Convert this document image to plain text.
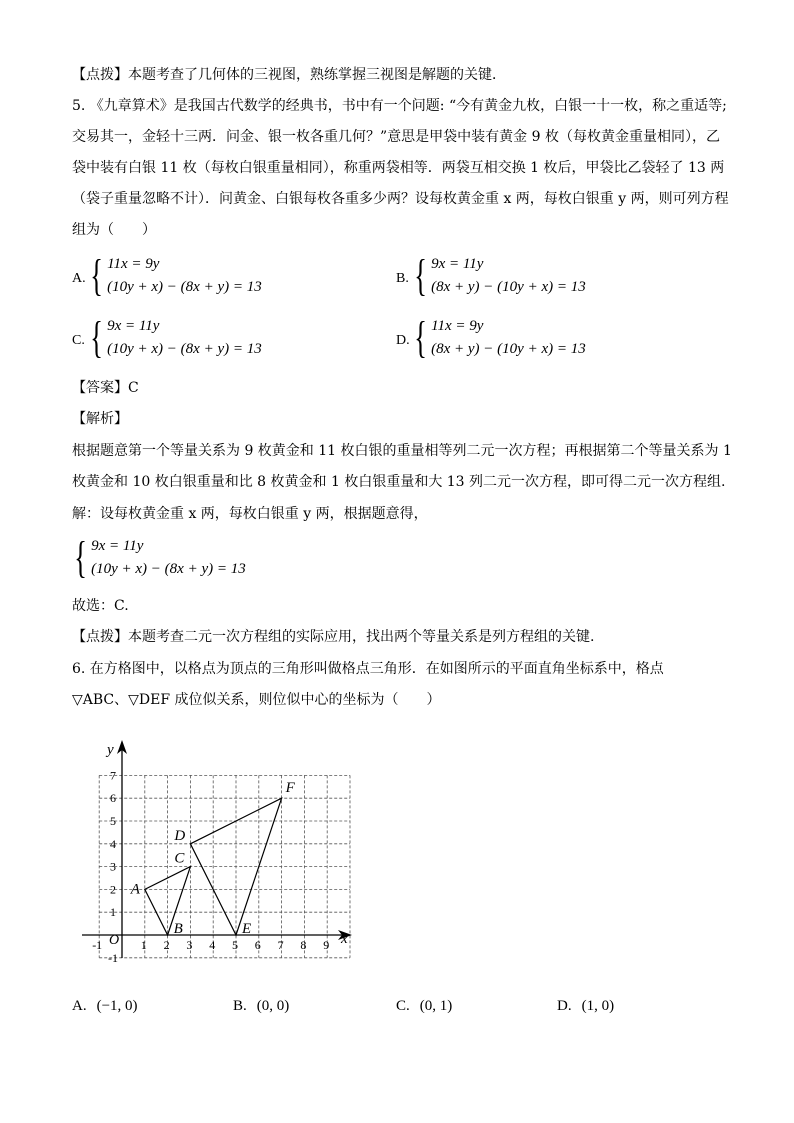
【点拨】本题考查了几何体的三视图，熟练掌握三视图是解题的关键．
5. 《九章算术》是我国古代数学的经典书，书中有一个问题: “今有黄金九枚，白银一十一枚，称之重适等;
交易其一，金轻十三两．问金、银一枚各重几何？”意思是甲袋中装有黄金 9 枚（每枚黄金重量相同），乙
袋中装有白银 11 枚（每枚白银重量相同），称重两袋相等．两袋互相交换 1 枚后，甲袋比乙袋轻了 13 两
（袋子重量忽略不计）．问黄金、白银每枚各重多少两？设每枚黄金重 x 两，每枚白银重 y 两，则可列方程
组为（　　）
A. { 11x = 9y
(10y + x) − (8x + y) = 13
B. { 9x = 11y
(8x + y) − (10y + x) = 13
C. { 9x = 11y
(10y + x) − (8x + y) = 13
D. { 11x = 9y
(8x + y) − (10y + x) = 13
【答案】C
【解析】
根据题意第一个等量关系为 9 枚黄金和 11 枚白银的重量相等列二元一次方程；再根据第二个等量关系为 1
枚黄金和 10 枚白银重量和比 8 枚黄金和 1 枚白银重量和大 13 列二元一次方程，即可得二元一次方程组.
解：设每枚黄金重 x 两，每枚白银重 y 两，根据题意得，
{ 9x = 11y
(10y + x) − (8x + y) = 13
故选：C.
【点拨】本题考查二元一次方程组的实际应用，找出两个等量关系是列方程组的关键.
6. 在方格图中，以格点为顶点的三角形叫做格点三角形．在如图所示的平面直角坐标系中，格点
▽ABC、▽DEF 成位似关系，则位似中心的坐标为（　　）
x
y
O
-1	1 2 3 4 5 6 7 8 9
-1
1
2
3
4
5
6
7
A
B
C
D
E
F
A. (−1, 0)	B. (0, 0)	C. (0, 1)	D. (1, 0)
